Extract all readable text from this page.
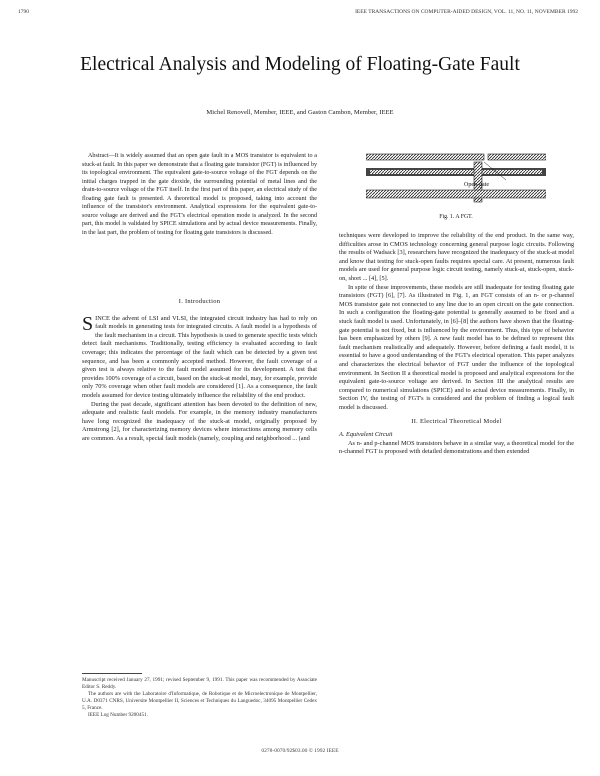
1790	IEEE TRANSACTIONS ON COMPUTER-AIDED DESIGN, VOL. 11, NO. 11, NOVEMBER 1992
Electrical Analysis and Modeling of Floating-Gate Fault
Michel Renovell, Member, IEEE, and Gaston Cambon, Member, IEEE

Abstract—It is widely assumed that an open gate fault in a MOS transistor is equivalent to a stuck-at fault. In this paper we demonstrate that a floating gate transistor (FGT) is influenced by its topological environment. The equivalent gate-to-source voltage of the FGT depends on the initial charges trapped in the gate dioxide, the surrounding potential of metal lines and the drain-to-source voltage of the FGT itself. In the first part of this paper, an electrical study of the floating gate fault is presented. A theoretical model is proposed, taking into account the influence of the transistor's environment. Analytical expressions for the equivalent gate-to-source voltage are derived and the FGT's electrical operation mode is analyzed. In the second part, this model is validated by SPICE simulations and by actual device measurements. Finally, in the last part, the problem of testing for floating gate transistors is discussed.

I. Introduction

SINCE the advent of LSI and VLSI, the integrated circuit industry has had to rely on fault models in generating tests for integrated circuits. A fault model is a hypothesis of the fault mechanism in a circuit. This hypothesis is used to generate specific tests which detect fault mechanisms. Traditionally, testing efficiency is evaluated according to fault coverage; this indicates the percentage of the fault which can be detected by a given test sequence, and has been a commonly accepted method. However, the fault coverage of a given test is always relative to the fault model assumed for its development. A test that provides 100% coverage of a circuit, based on the stuck-at model, may, for example, provide only 70% coverage when other fault models are considered [1]. As a consequence, the fault models assumed for device testing ultimately influence the reliability of the end product.

During the past decade, significant attention has been devoted to the definition of new, adequate and realistic fault models. For example, in the memory industry manufacturers have long recognized the inadequacy of the stuck-at model, originally proposed by Armstrong [2], for characterizing memory devices where interactions among memory cells are common. As a result, special fault models (namely, coupling and neighborhood ... (and

Open-gate
Fig. 1. A FGT.

techniques were developed to improve the reliability of the end product. In the same way, difficulties arose in CMOS technology concerning general purpose logic circuits. Following the results of Wadsack [3], researchers have recognized the inadequacy of the stuck-at model and know that testing for stuck-open faults requires special care. At present, numerous fault models are used for general purpose logic circuit testing, namely stuck-at, stuck-open, stuck-on, short ... [4], [5].

In spite of these improvements, these models are still inadequate for testing floating gate transistors (FGT) [6], [7]. As illustrated in Fig. 1, an FGT consists of an n- or p-channel MOS transistor gate not connected to any line due to an open circuit on the gate connection. In such a configuration the floating-gate potential is generally assumed to be fixed and a stuck fault model is used. Unfortunately, in [6]–[8] the authors have shown that the floating-gate potential is not fixed, but is influenced by the environment. Thus, this type of behavior has been emphasized by others [9]. A new fault model has to be defined to represent this fault mechanism realistically and adequately. However, before defining a fault model, it is essential to have a good understanding of the FGT's electrical operation. This paper analyzes and characterizes the electrical behavior of FGT under the influence of the topological environment. In Section II a theoretical model is proposed and analytical expressions for the equivalent gate-to-source voltage are derived. In Section III the analytical results are compared to numerical simulations (SPICE) and to actual device measurements. Finally, in Section IV, the testing of FGT's is considered and the problem of finding a logical fault model is discussed.

II. Electrical Theoretical Model

A. Equivalent Circuit

As n- and p-channel MOS transistors behave in a similar way, a theoretical model for the n-channel FGT is proposed with detailed demonstrations and then extended

Manuscript received January 27, 1991; revised September 9, 1991. This paper was recommended by Associate Editor S. Reddy.
The authors are with the Laboratoire d'Informatique, de Robotique et de Microelectronique de Montpellier, U.A. D0371 CNRS, Universite Montpellier II, Sciences et Techniques du Languedoc, 34095 Montpellier Cedex 5, France.
IEEE Log Number 9200451.
0278-0070/92$03.00 © 1992 IEEE
